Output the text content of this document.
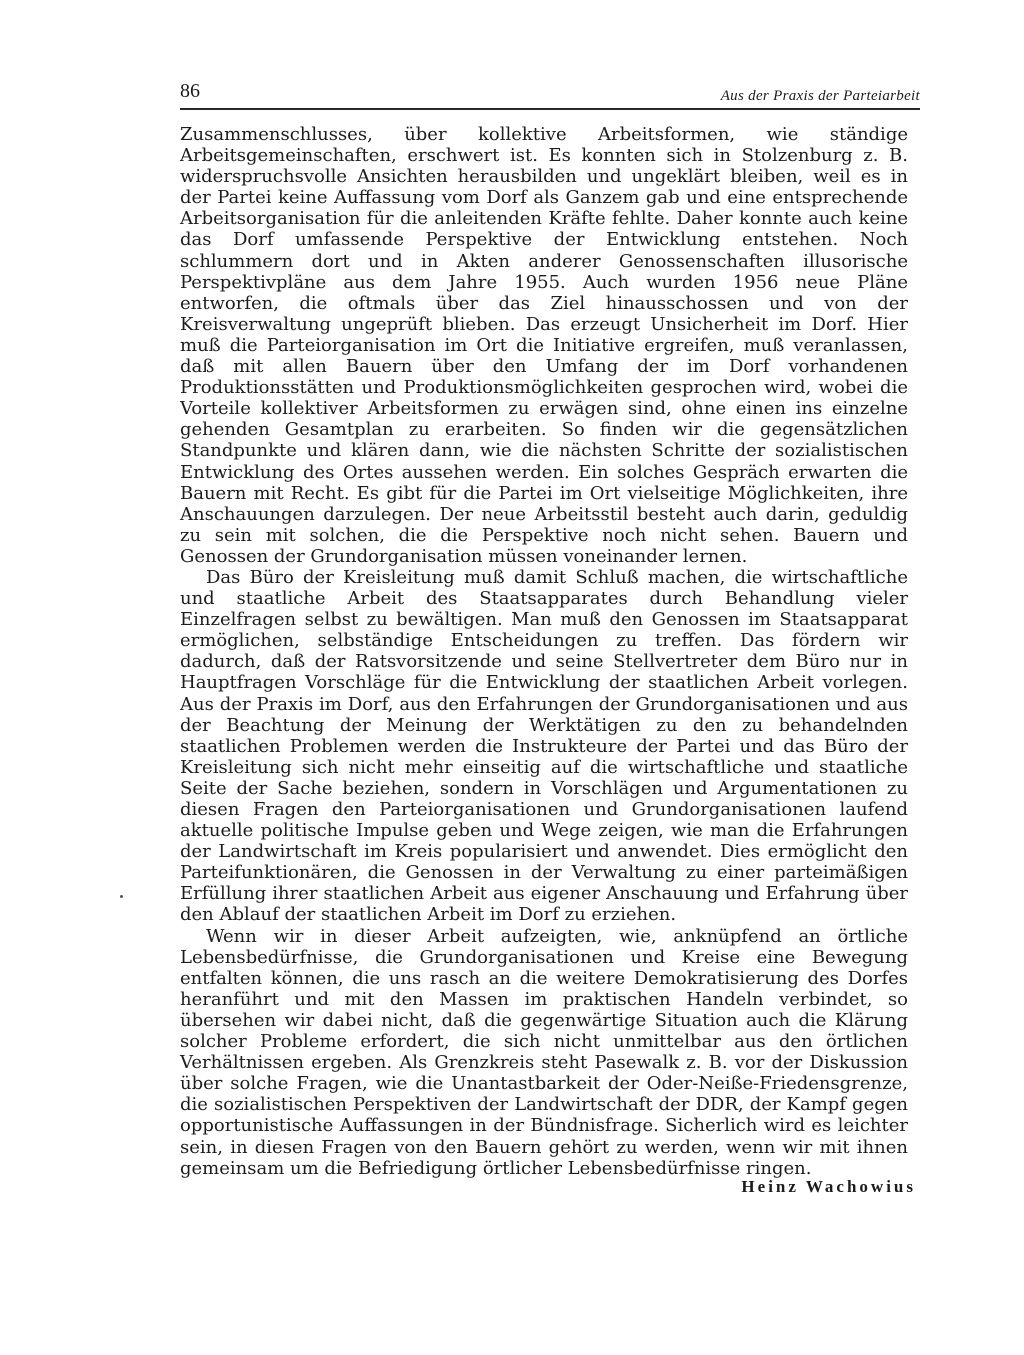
86	Aus der Praxis der Parteiarbeit

Zusammenschlusses, über kollektive Arbeitsformen, wie ständige Arbeitsgemeinschaften, erschwert ist. Es konnten sich in Stolzenburg z. B. widerspruchsvolle Ansichten herausbilden und ungeklärt bleiben, weil es in der Partei keine Auffassung vom Dorf als Ganzem gab und eine entsprechende Arbeitsorganisation für die anleitenden Kräfte fehlte. Daher konnte auch keine das Dorf umfassende Perspektive der Entwicklung entstehen. Noch schlummern dort und in Akten anderer Genossenschaften illusorische Perspektivpläne aus dem Jahre 1955. Auch wurden 1956 neue Pläne entworfen, die oftmals über das Ziel hinausschossen und von der Kreisverwaltung ungeprüft blieben. Das erzeugt Unsicherheit im Dorf. Hier muß die Parteiorganisation im Ort die Initiative ergreifen, muß veranlassen, daß mit allen Bauern über den Umfang der im Dorf vorhandenen Produktionsstätten und Produktionsmöglichkeiten gesprochen wird, wobei die Vorteile kollektiver Arbeitsformen zu erwägen sind, ohne einen ins einzelne gehenden Gesamtplan zu erarbeiten. So finden wir die gegensätzlichen Standpunkte und klären dann, wie die nächsten Schritte der sozialistischen Entwicklung des Ortes aussehen werden. Ein solches Gespräch erwarten die Bauern mit Recht. Es gibt für die Partei im Ort vielseitige Möglichkeiten, ihre Anschauungen darzulegen. Der neue Arbeitsstil besteht auch darin, geduldig zu sein mit solchen, die die Perspektive noch nicht sehen. Bauern und Genossen der Grundorganisation müssen voneinander lernen.

Das Büro der Kreisleitung muß damit Schluß machen, die wirtschaftliche und staatliche Arbeit des Staatsapparates durch Behandlung vieler Einzelfragen selbst zu bewältigen. Man muß den Genossen im Staatsapparat ermöglichen, selbständige Entscheidungen zu treffen. Das fördern wir dadurch, daß der Ratsvorsitzende und seine Stellvertreter dem Büro nur in Hauptfragen Vorschläge für die Entwicklung der staatlichen Arbeit vorlegen. Aus der Praxis im Dorf, aus den Erfahrungen der Grundorganisationen und aus der Beachtung der Meinung der Werktätigen zu den zu behandelnden staatlichen Problemen werden die Instrukteure der Partei und das Büro der Kreisleitung sich nicht mehr einseitig auf die wirtschaftliche und staatliche Seite der Sache beziehen, sondern in Vorschlägen und Argumentationen zu diesen Fragen den Parteiorganisationen und Grundorganisationen laufend aktuelle politische Impulse geben und Wege zeigen, wie man die Erfahrungen der Landwirtschaft im Kreis popularisiert und anwendet. Dies ermöglicht den Parteifunktionären, die Genossen in der Verwaltung zu einer parteimäßigen Erfüllung ihrer staatlichen Arbeit aus eigener Anschauung und Erfahrung über den Ablauf der staatlichen Arbeit im Dorf zu erziehen.

Wenn wir in dieser Arbeit aufzeigten, wie, anknüpfend an örtliche Lebensbedürfnisse, die Grundorganisationen und Kreise eine Bewegung entfalten können, die uns rasch an die weitere Demokratisierung des Dorfes heranführt und mit den Massen im praktischen Handeln verbindet, so übersehen wir dabei nicht, daß die gegenwärtige Situation auch die Klärung solcher Probleme erfordert, die sich nicht unmittelbar aus den örtlichen Verhältnissen ergeben. Als Grenzkreis steht Pasewalk z. B. vor der Diskussion über solche Fragen, wie die Unantastbarkeit der Oder-Neiße-Friedensgrenze, die sozialistischen Perspektiven der Landwirtschaft der DDR, der Kampf gegen opportunistische Auffassungen in der Bündnisfrage. Sicherlich wird es leichter sein, in diesen Fragen von den Bauern gehört zu werden, wenn wir mit ihnen gemeinsam um die Befriedigung örtlicher Lebensbedürfnisse ringen.

Heinz Wachowius
